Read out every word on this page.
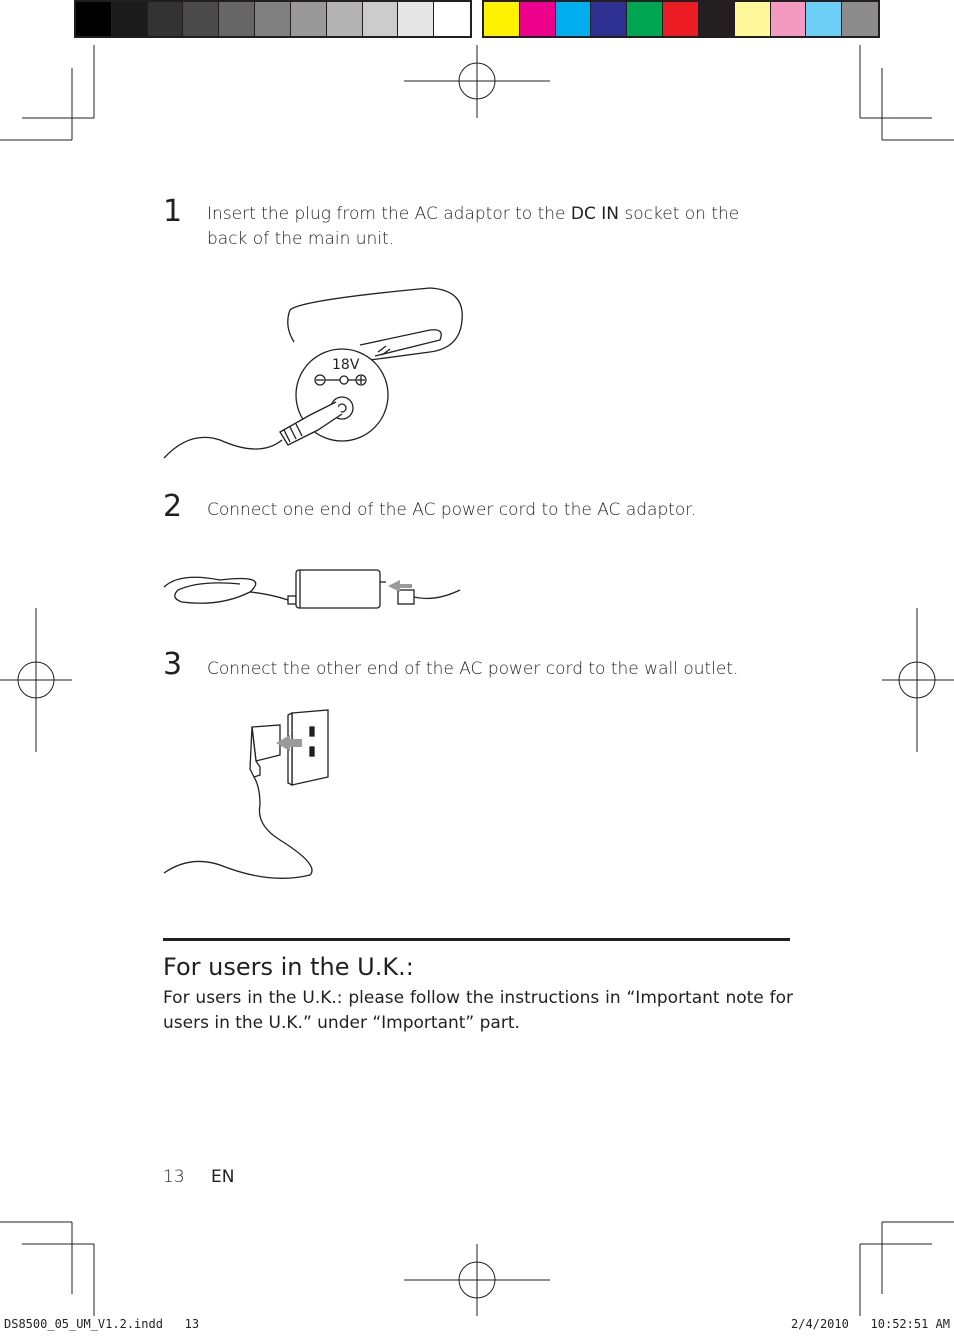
1 Insert the plug from the AC adaptor to the DC IN socket on the
back of the main unit.
18V
2 Connect one end of the AC power cord to the AC adaptor.
3 Connect the other end of the AC power cord to the wall outlet.
For users in the U.K.:
For users in the U.K.: please follow the instructions in “Important note for users in the U.K.” under “Important” part.
13 EN
DS8500_05_UM_V1.2.indd   13	2/4/2010   10:52:51 AM
